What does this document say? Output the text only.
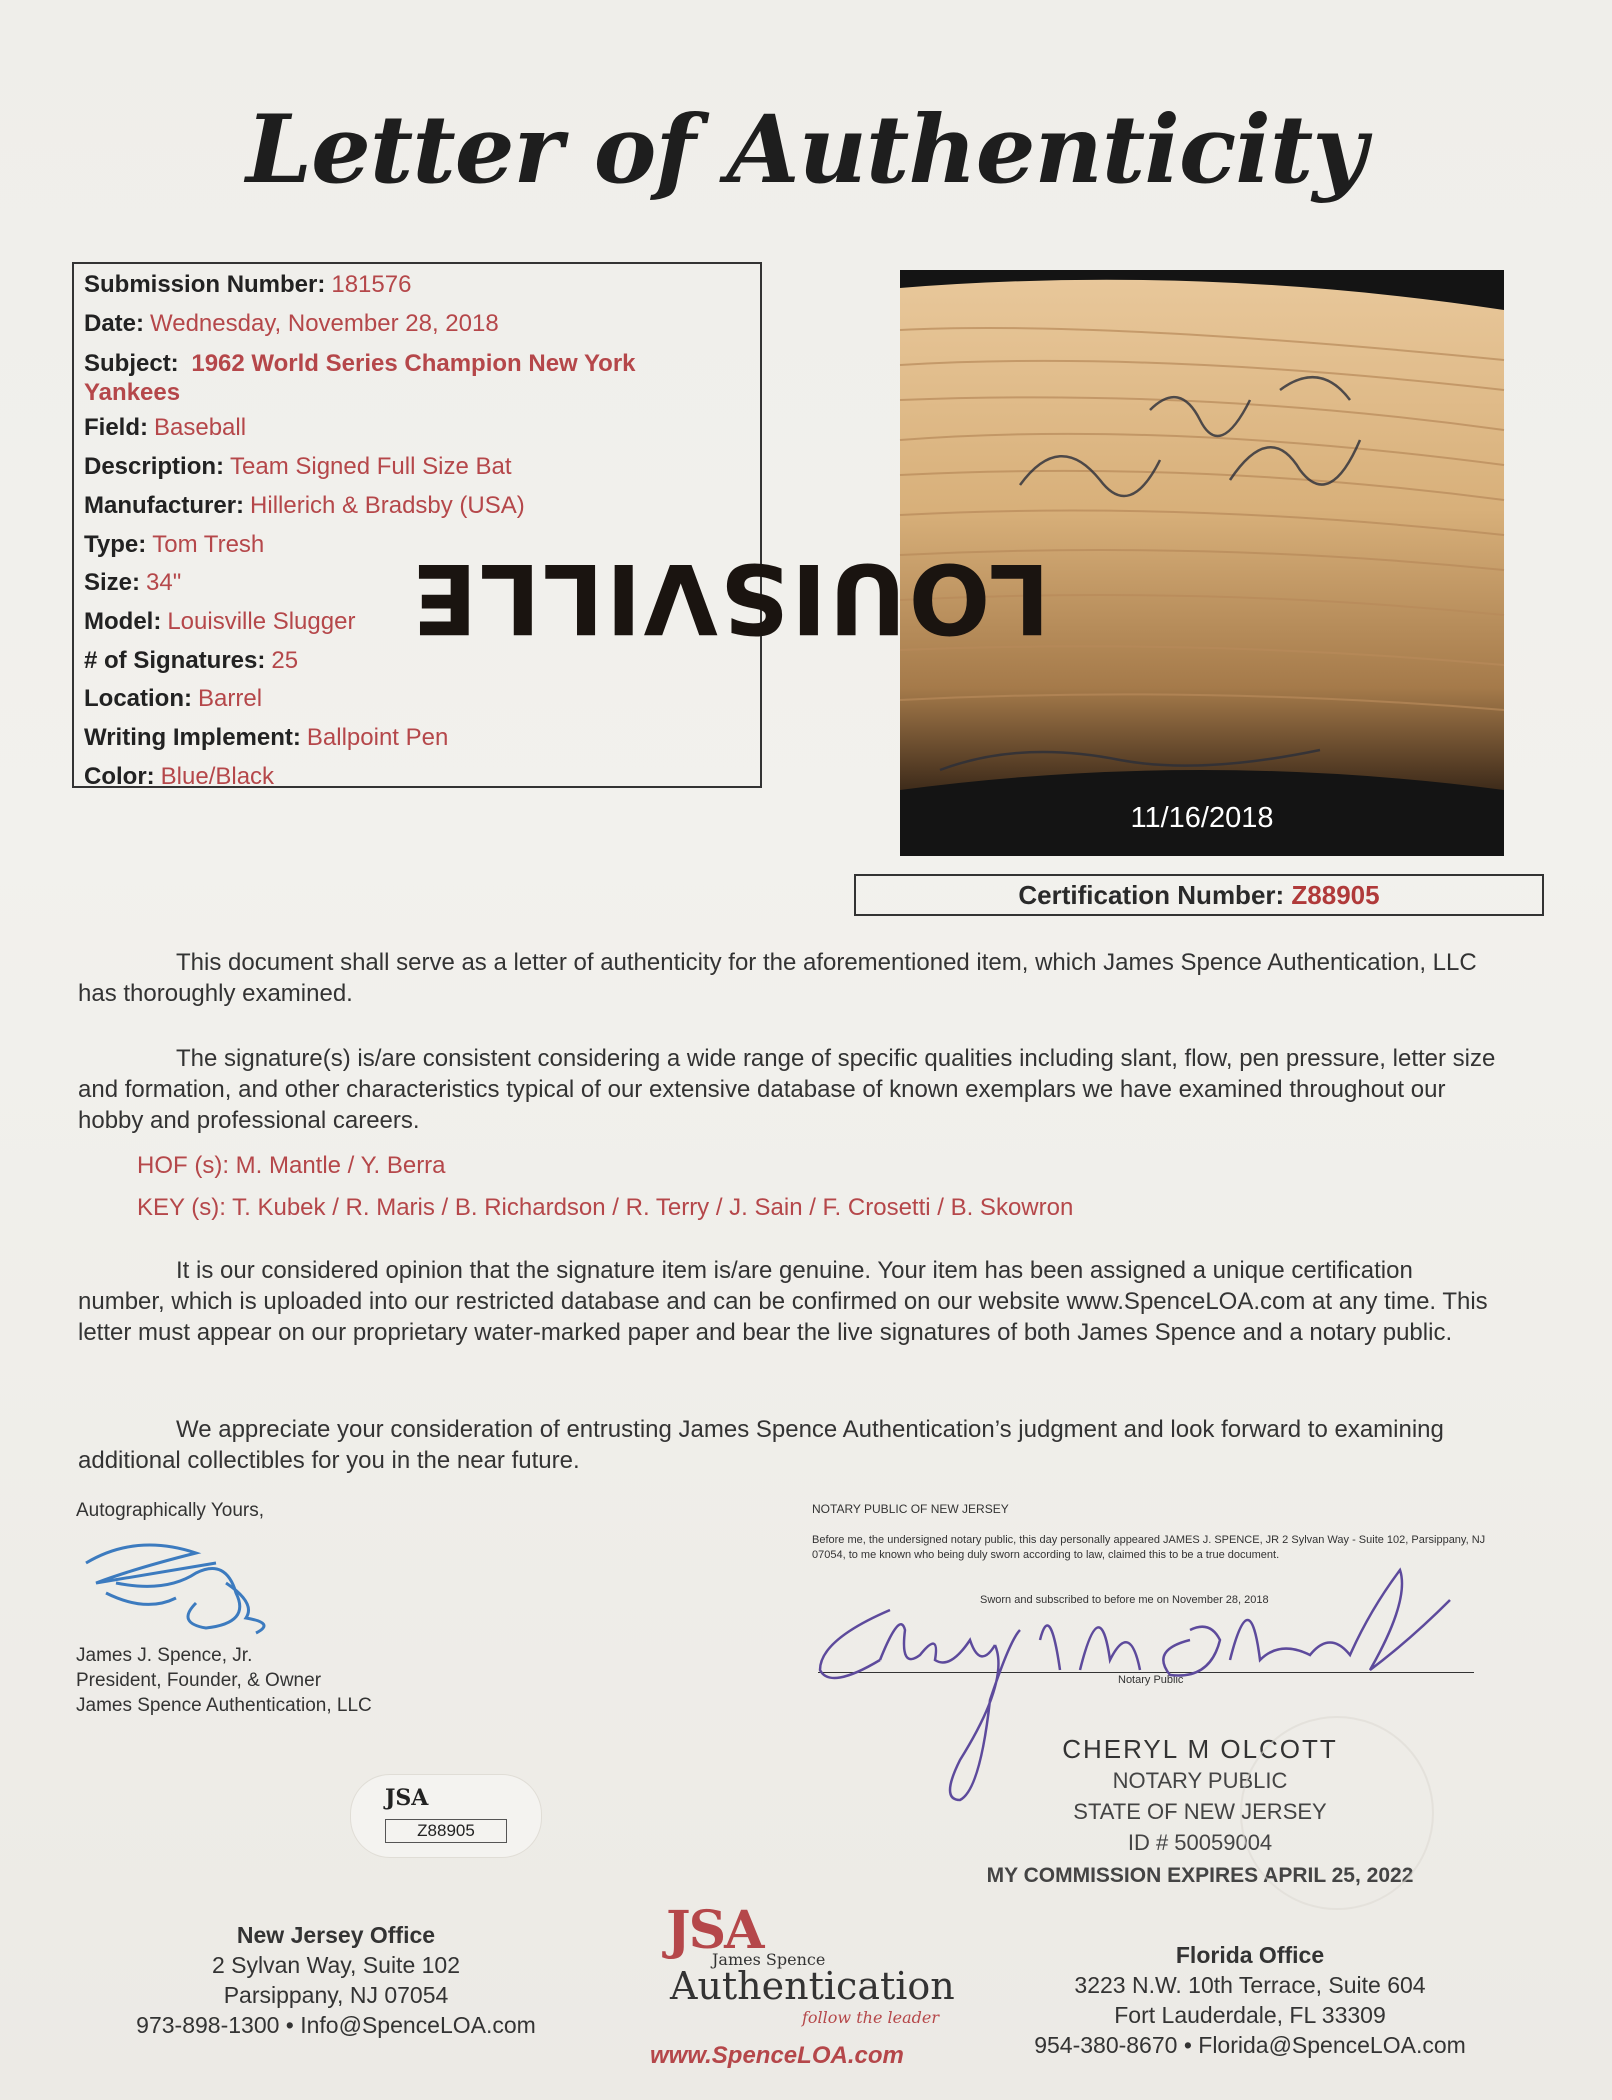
Letter of Authenticity
Submission Number: 181576
Date: Wednesday, November 28, 2018
Subject: 1962 World Series Champion New York Yankees
Field: Baseball
Description: Team Signed Full Size Bat
Manufacturer: Hillerich & Bradsby (USA)
Type: Tom Tresh
Size: 34"
Model: Louisville Slugger
# of Signatures: 25
Location: Barrel
Writing Implement: Ballpoint Pen
Color: Blue/Black
LOUISVILLE
11/16/2018
Certification Number: Z88905
This document shall serve as a letter of authenticity for the aforementioned item, which James Spence Authentication, LLC has thoroughly examined.
The signature(s) is/are consistent considering a wide range of specific qualities including slant, flow, pen pressure, letter size and formation, and other characteristics typical of our extensive database of known exemplars we have examined throughout our hobby and professional careers.
HOF (s): M. Mantle / Y. Berra
KEY (s): T. Kubek / R. Maris / B. Richardson / R. Terry / J. Sain / F. Crosetti / B. Skowron
It is our considered opinion that the signature item is/are genuine. Your item has been assigned a unique certification number, which is uploaded into our restricted database and can be confirmed on our website www.SpenceLOA.com at any time. This letter must appear on our proprietary water-marked paper and bear the live signatures of both James Spence and a notary public.
We appreciate your consideration of entrusting James Spence Authentication’s judgment and look forward to examining additional collectibles for you in the near future.
Autographically Yours,
James J. Spence, Jr.
President, Founder, & Owner
James Spence Authentication, LLC
NOTARY PUBLIC OF NEW JERSEY
Before me, the undersigned notary public, this day personally appeared JAMES J. SPENCE, JR 2 Sylvan Way - Suite 102, Parsippany, NJ 07054, to me known who being duly sworn according to law, claimed this to be a true document.
Sworn and subscribed to before me on November 28, 2018
Notary Public
CHERYL M OLCOTT
NOTARY PUBLIC
STATE OF NEW JERSEY
ID # 50059004
MY COMMISSION EXPIRES APRIL 25, 2022
JSA
Z88905
New Jersey Office
2 Sylvan Way, Suite 102
Parsippany, NJ 07054
973-898-1300 • Info@SpenceLOA.com
JSA
James Spence
Authentication
follow the leader
www.SpenceLOA.com
Florida Office
3223 N.W. 10th Terrace, Suite 604
Fort Lauderdale, FL 33309
954-380-8670 • Florida@SpenceLOA.com
